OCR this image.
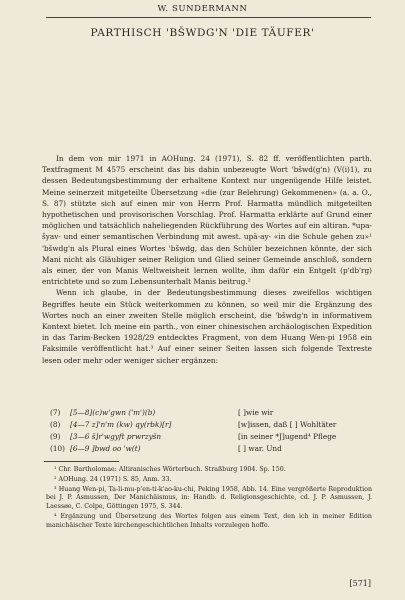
W. SUNDERMANN
PARTHISCH 'BŠWDG'N 'DIE TÄUFER'

In dem von mir 1971 in AOHung. 24 (1971), S. 82 ff. veröffentlichten parth. Textfragment M 4575 erscheint das bis dahin unbezeugte Wort 'bšwd(g'n) (V(i)1), zu dessen Bedeutungsbestimmung der erhaltene Kontext nur ungenügende Hilfe leistet. Meine seinerzeit mitgeteilte Übersetzung «die (zur Belehrung) Gekommenen» (a. a. O., S. 87) stützte sich auf einen mir von Herrn Prof. Harmatta mündlich mitgeteilten hypothetischen und provisorischen Vorschlag. Prof. Harmatta erklärte auf Grund einer möglichen und tatsächlich naheliegenden Rückführung des Wortes auf ein altiran. *upa-šyav- und einer semantischen Verbindung mit awest. upā-ay- «in die Schule gehen zu»¹ 'bšwdg'n als Plural eines Wortes 'bšwdg, das den Schüler bezeichnen könnte, der sich Mani nicht als Gläubiger seiner Religion und Glied seiner Gemeinde anschloß, sondern als einer, der von Manis Weltweisheit lernen wollte, ihm dafür ein Entgelt (p'db'rg) entrichtete und so zum Lebensunterhalt Manis beitrug.²

Wenn ich glaube, in der Bedeutungsbestimmung dieses zweifellos wichtigen Begriffes heute ein Stück weiterkommen zu können, so weil mir die Ergänzung des Wortes noch an einer zweiten Stelle möglich erscheint, die 'bšwdg'n in informativem Kontext bietet. Ich meine ein parth., von einer chinesischen archäologischen Expedition in das Tarim-Becken 1928/29 entdecktes Fragment, von dem Huang Wen-pi 1958 ein Faksimile veröffentlicht hat.³ Auf einer seiner Seiten lassen sich folgende Textreste lesen oder mehr oder weniger sicher ergänzen:

(7) [5—8](c)w'gwn ('m')(b)	[ ]wie wir
(8) [4—7 z]'n'm (kw) qy(rbk)[r]	[w]issen, daß [ ] Wohltäter
(9) [3—6 š]r'wgyft prwrzyšn	[in seiner *J]ugend⁴ Pflege
(10) [6—9 ]bwd oo 'w(t)	[ ] war. Und

¹ Chr. Bartholomae: Altiranisches Wörterbuch. Straßburg 1904. Sp. 150.

² AOHung. 24 (1971) S. 85, Anm. 33.

³ Huang Wen-pi, Ta-li-mu-p'en-ti-k'ao-ku-chi, Peking 1958, Abb. 14. Eine vergrößerte Reproduktion bei J. P. Asmussen, Der Manichäismus, in: Handb. d. Religionsgeschichte, cd. J. P. Asmussen, J. Laessøe, C. Colpe, Göttingen 1975, S. 344.

⁴ Ergänzung und Übersetzung des Wortes folgen aus einem Text, den ich in meiner Edition manichäischer Texte kirchengeschichtlichen Inhalts vorzulegen hoffe.

[571]
